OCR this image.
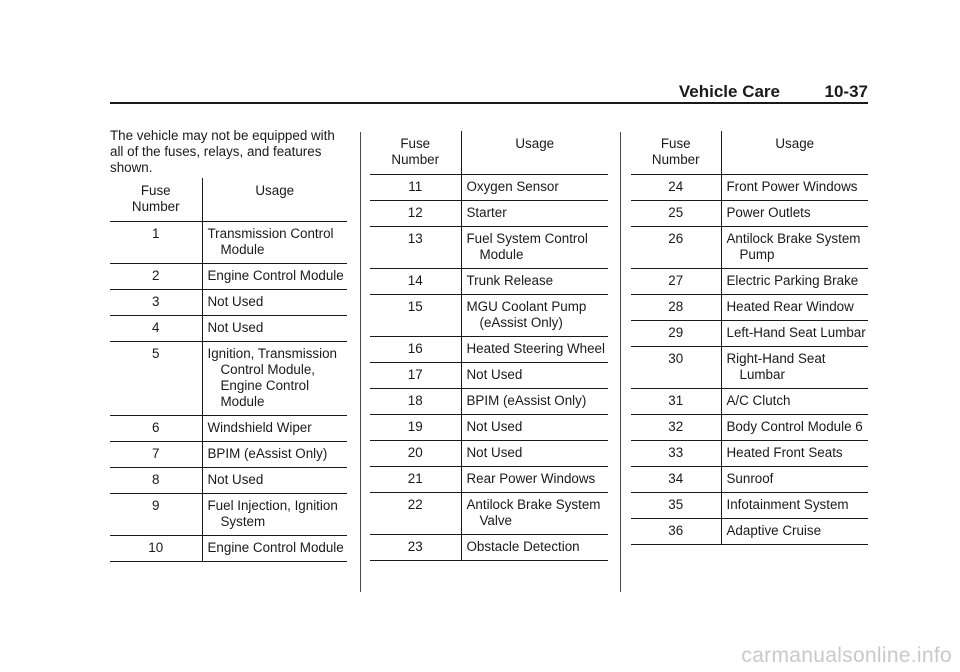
Vehicle Care	10-37

The vehicle may not be equipped with all of the fuses, relays, and features shown.

Fuse
Number	Usage
1	Transmission Control Module

2	Engine Control Module

3	Not Used

4	Not Used

5	Ignition, Transmission Control Module, Engine Control Module

6	Windshield Wiper

7	BPIM (eAssist Only)

8	Not Used

9	Fuel Injection, Ignition System

10	Engine Control Module
Fuse
Number	Usage
11	Oxygen Sensor

12	Starter

13	Fuel System Control Module

14	Trunk Release

15	MGU Coolant Pump (eAssist Only)

16	Heated Steering Wheel

17	Not Used

18	BPIM (eAssist Only)

19	Not Used

20	Not Used

21	Rear Power Windows

22	Antilock Brake System Valve

23	Obstacle Detection
Fuse
Number	Usage
24	Front Power Windows

25	Power Outlets

26	Antilock Brake System Pump

27	Electric Parking Brake

28	Heated Rear Window

29	Left-Hand Seat Lumbar

30	Right-Hand Seat Lumbar

31	A/C Clutch

32	Body Control Module 6

33	Heated Front Seats

34	Sunroof

35	Infotainment System

36	Adaptive Cruise
carmanualsonline.info
